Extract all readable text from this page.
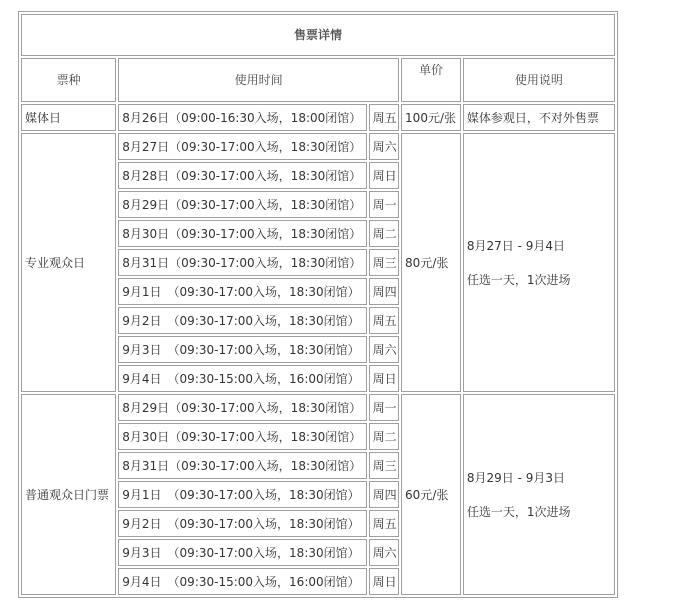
售票详情				
票种	使用时间		单价	使用说明
媒体日	8月26日（09:00-16:30入场，18:00闭馆）	周五	100元/张	媒体参观日，不对外售票

专业观众日	8月27日（09:30-17:00入场，18:30闭馆）	周六	80元/张	8月27日 - 9月4日
任选一天，1次进场

	8月28日（09:30-17:00入场，18:30闭馆）	周日		
	8月29日（09:30-17:00入场，18:30闭馆）	周一		
	8月30日（09:30-17:00入场，18:30闭馆）	周二		
	8月31日（09:30-17:00入场，18:30闭馆）	周三		
	9月1日　（09:30-17:00入场，18:30闭馆）	周四		
	9月2日　（09:30-17:00入场，18:30闭馆）	周五		
	9月3日　（09:30-17:00入场，18:30闭馆）	周六		
	9月4日　（09:30-15:00入场，16:00闭馆）	周日		
普通观众日门票	8月29日（09:30-17:00入场，18:30闭馆）	周一	60元/张	8月29日 - 9月3日
任选一天，1次进场

	8月30日（09:30-17:00入场，18:30闭馆）	周二		
	8月31日（09:30-17:00入场，18:30闭馆）	周三		
	9月1日　（09:30-17:00入场，18:30闭馆）	周四		
	9月2日　（09:30-17:00入场，18:30闭馆）	周五		
	9月3日　（09:30-17:00入场，18:30闭馆）	周六		
	9月4日　（09:30-15:00入场，16:00闭馆）	周日		
